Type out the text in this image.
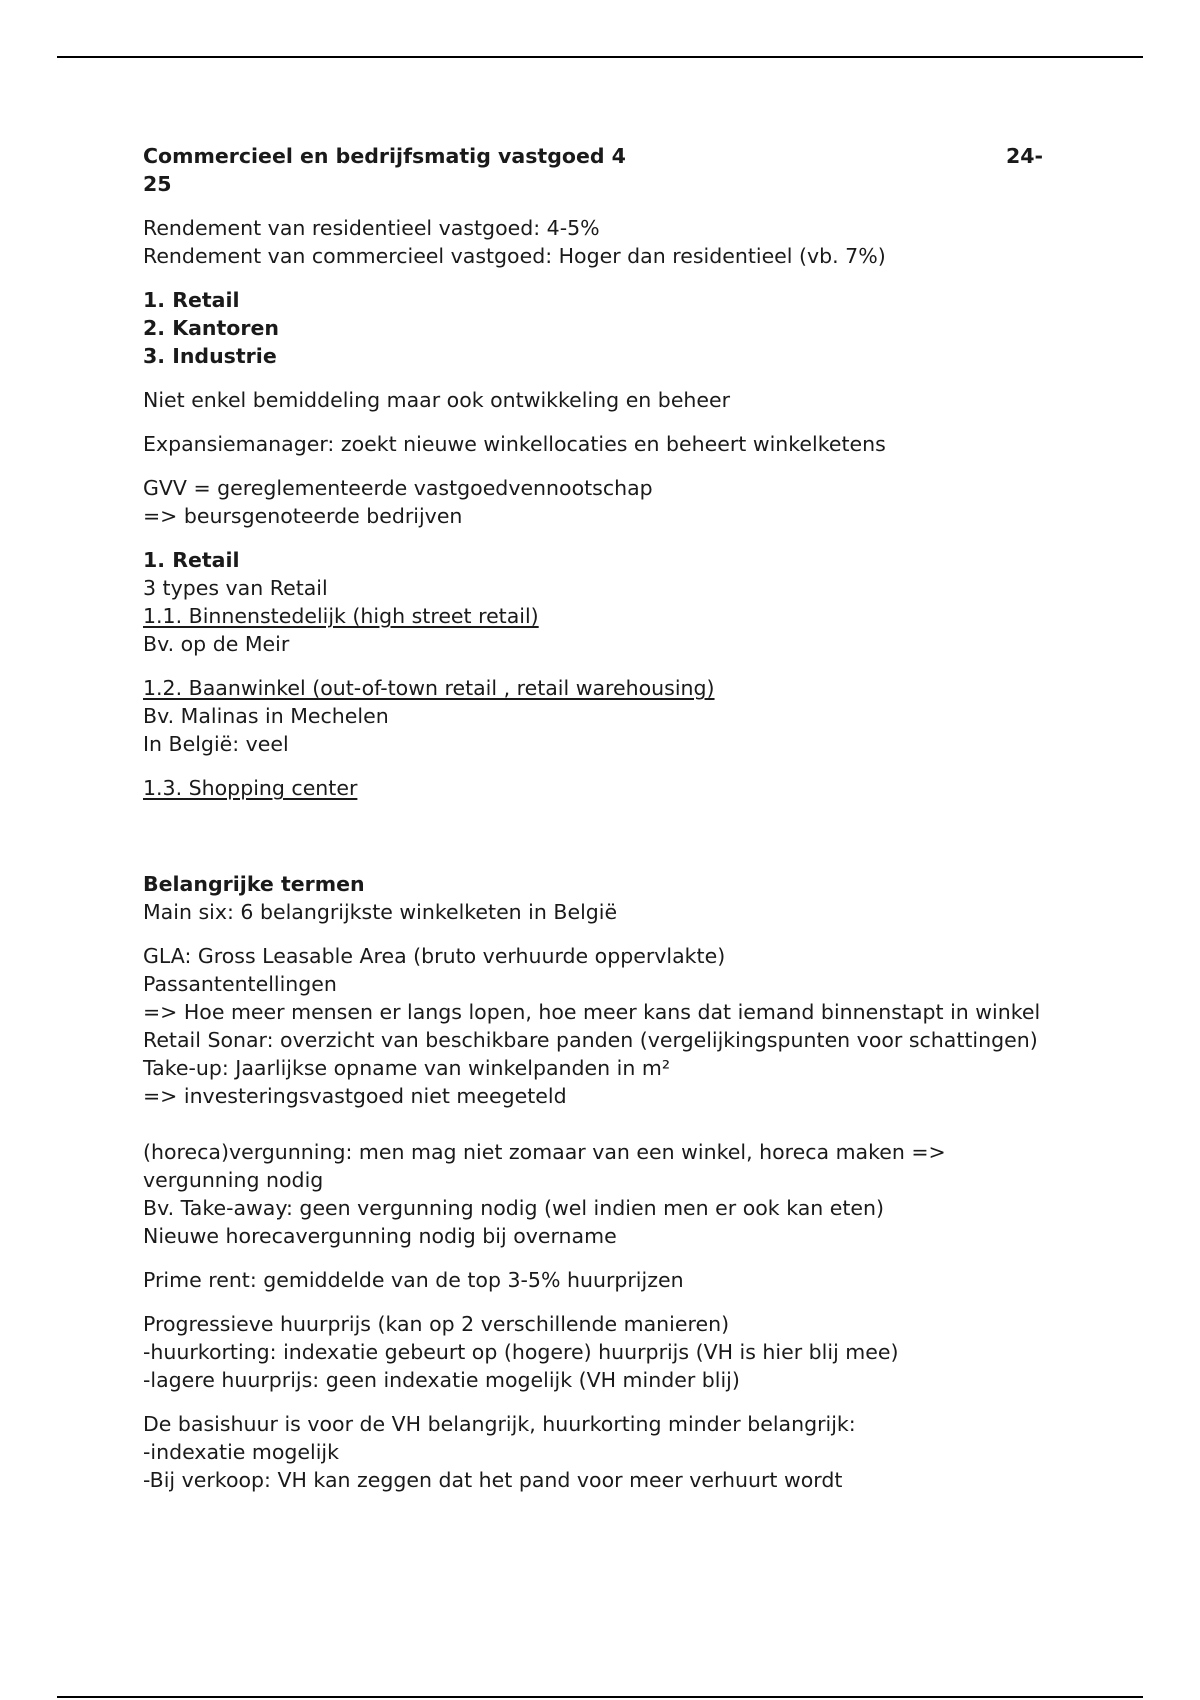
Commercieel en bedrijfsmatig vastgoed 4	24-
25
Rendement van residentieel vastgoed: 4-5%
Rendement van commercieel vastgoed: Hoger dan residentieel (vb. 7%)
1. Retail
2. Kantoren
3. Industrie
Niet enkel bemiddeling maar ook ontwikkeling en beheer
Expansiemanager: zoekt nieuwe winkellocaties en beheert winkelketens
GVV = gereglementeerde vastgoedvennootschap
=> beursgenoteerde bedrijven
1. Retail
3 types van Retail
1.1. Binnenstedelijk (high street retail)
Bv. op de Meir
1.2. Baanwinkel (out-of-town retail , retail warehousing)
Bv. Malinas in Mechelen
In België: veel
1.3. Shopping center
Belangrijke termen
Main six: 6 belangrijkste winkelketen in België
GLA: Gross Leasable Area (bruto verhuurde oppervlakte)
Passantentellingen
=> Hoe meer mensen er langs lopen, hoe meer kans dat iemand binnenstapt in winkel
Retail Sonar: overzicht van beschikbare panden (vergelijkingspunten voor schattingen)
Take-up: Jaarlijkse opname van winkelpanden in m²
=> investeringsvastgoed niet meegeteld
(horeca)vergunning: men mag niet zomaar van een winkel, horeca maken => vergunning nodig
Bv. Take-away: geen vergunning nodig (wel indien men er ook kan eten)
Nieuwe horecavergunning nodig bij overname
Prime rent: gemiddelde van de top 3-5% huurprijzen
Progressieve huurprijs (kan op 2 verschillende manieren)
-huurkorting: indexatie gebeurt op (hogere) huurprijs (VH is hier blij mee)
-lagere huurprijs: geen indexatie mogelijk (VH minder blij)
De basishuur is voor de VH belangrijk, huurkorting minder belangrijk:
-indexatie mogelijk
-Bij verkoop: VH kan zeggen dat het pand voor meer verhuurt wordt
